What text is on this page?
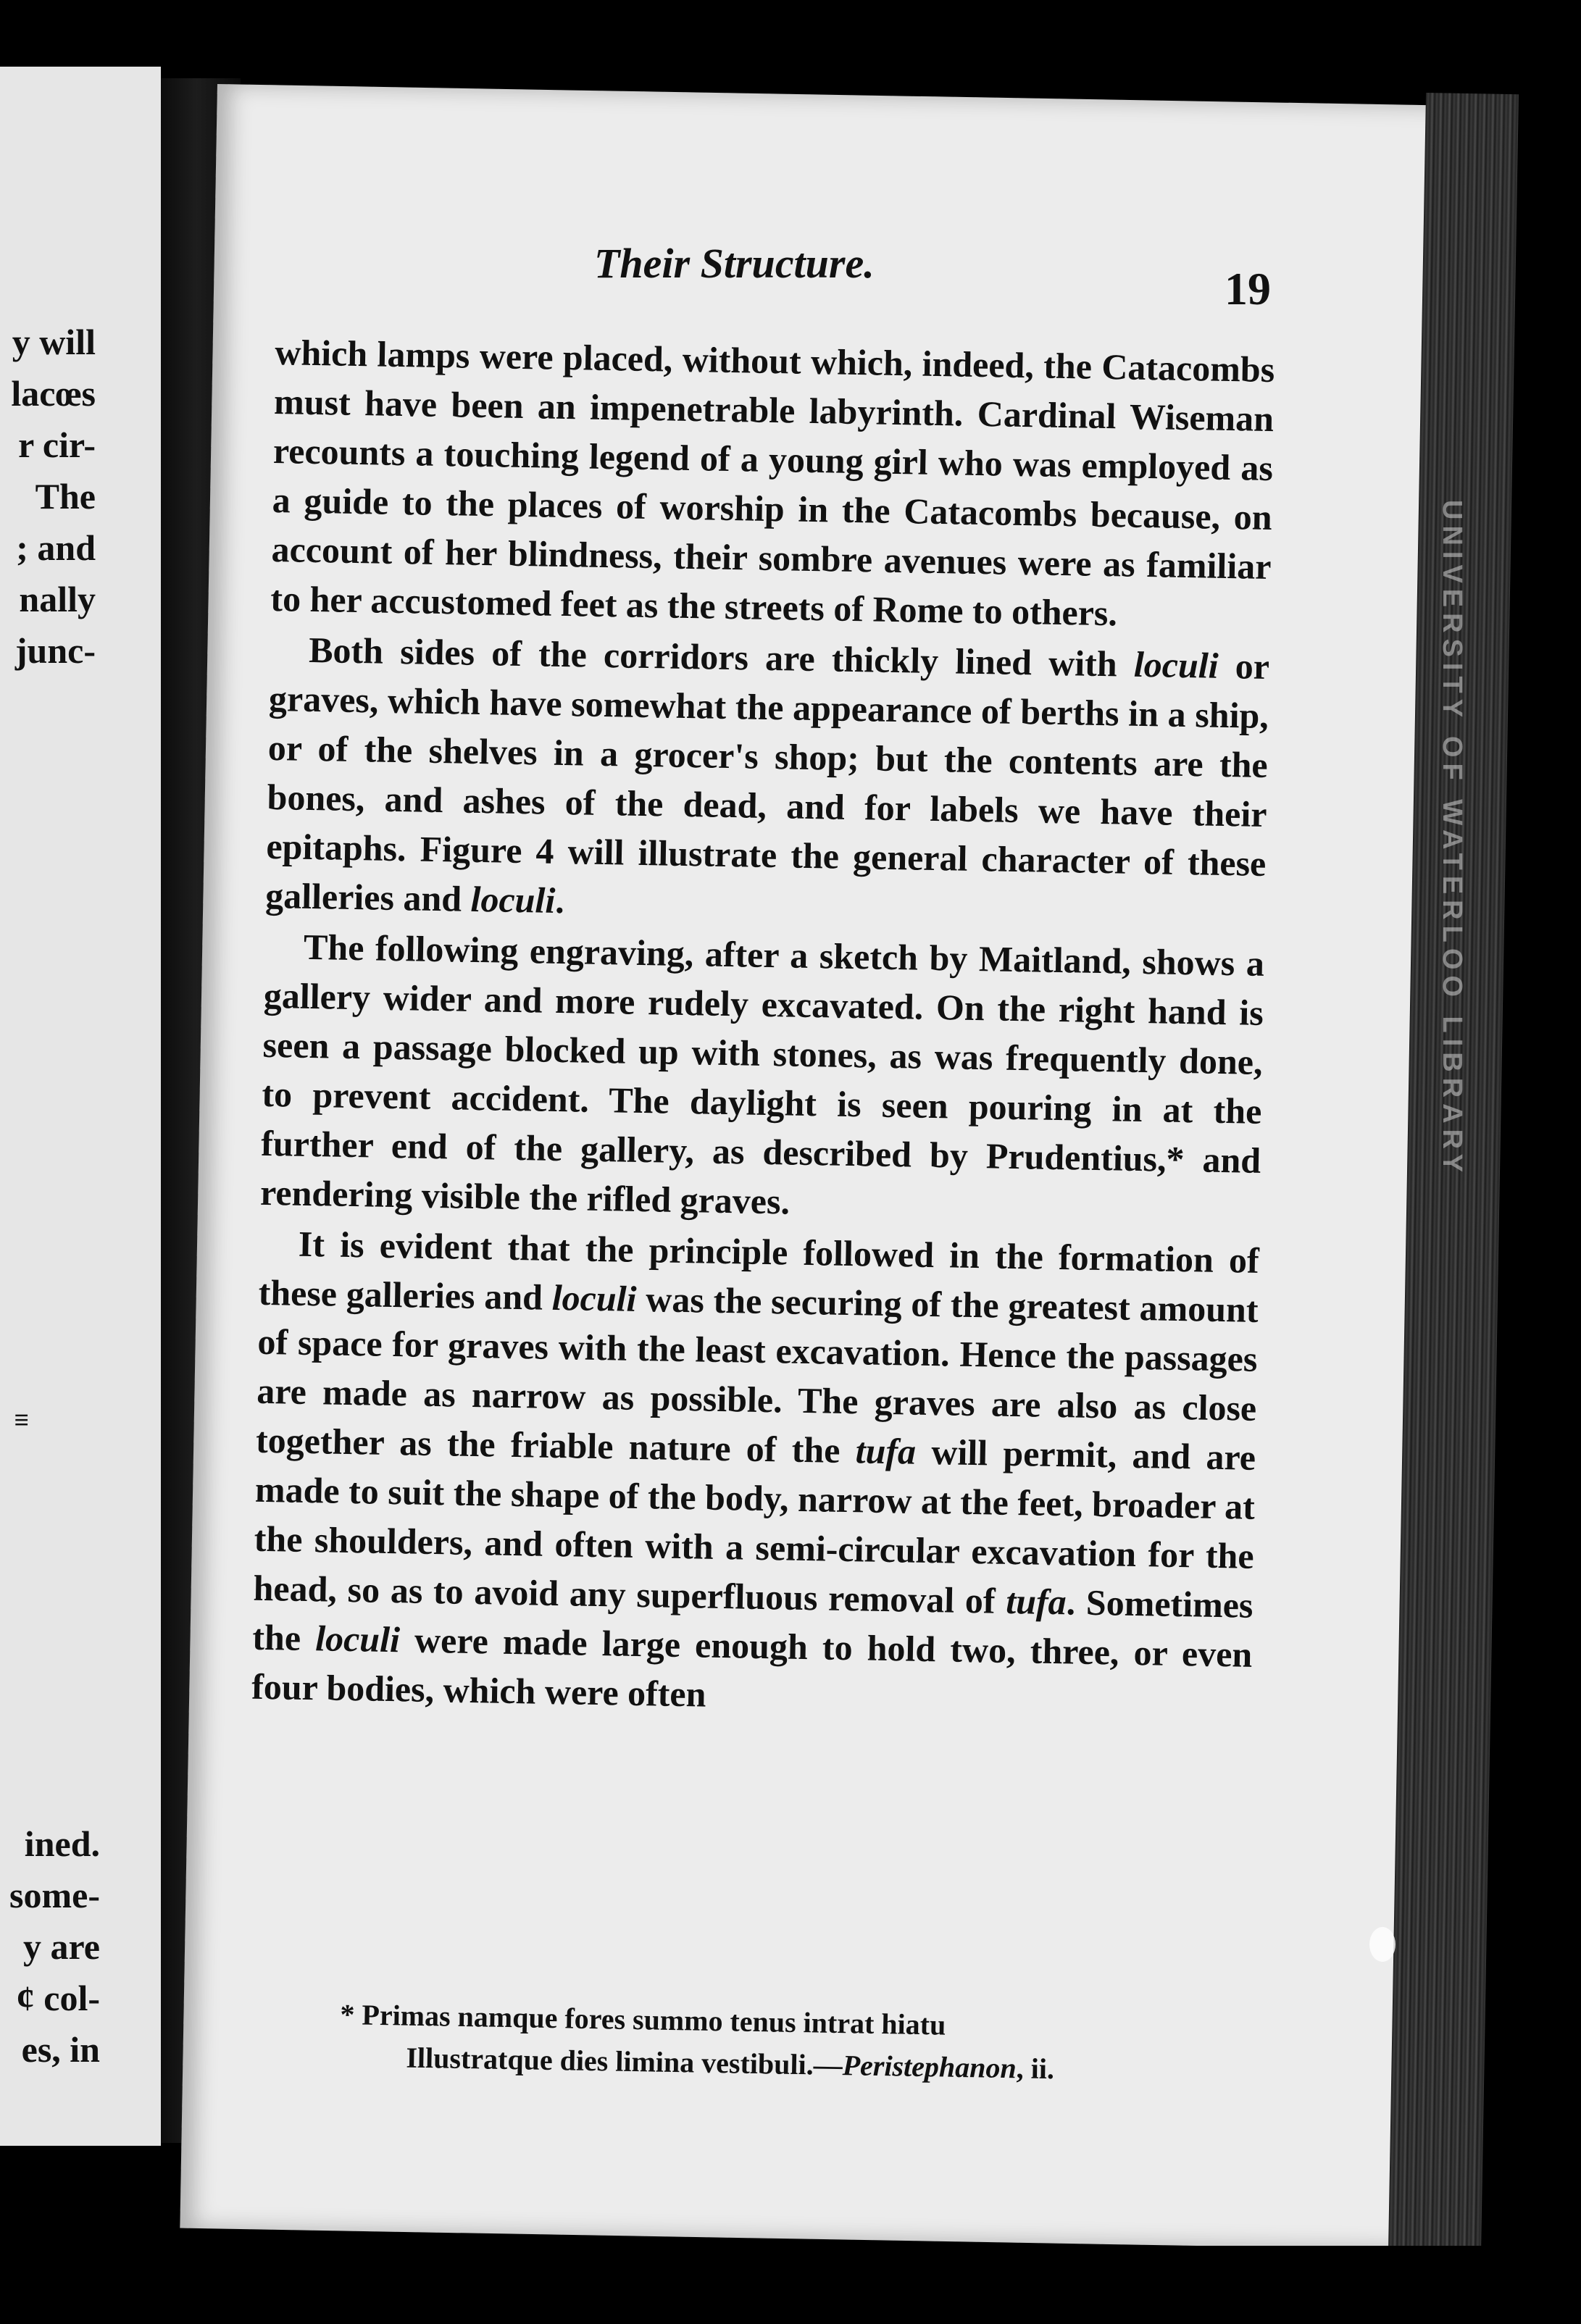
y will
lacœs
r cir-
The
; and
nally
junc-
≡
ined.
some-
y are
¢ col-
es, in
UNIVERSITY OF WATERLOO LIBRARY
Their Structure.	19

which lamps were placed, without which, indeed, the Catacombs must have been an impenetrable labyrinth. Cardinal Wiseman recounts a touching legend of a young girl who was employed as a guide to the places of worship in the Catacombs because, on account of her blindness, their sombre avenues were as familiar to her accustomed feet as the streets of Rome to others.

Both sides of the corridors are thickly lined with loculi or graves, which have somewhat the appearance of berths in a ship, or of the shelves in a grocer's shop; but the contents are the bones, and ashes of the dead, and for labels we have their epitaphs. Figure 4 will illustrate the general character of these galleries and loculi.

The following engraving, after a sketch by Maitland, shows a gallery wider and more rudely excavated. On the right hand is seen a passage blocked up with stones, as was frequently done, to prevent accident. The daylight is seen pouring in at the further end of the gallery, as described by Prudentius,* and rendering visible the rifled graves.

It is evident that the principle followed in the formation of these galleries and loculi was the securing of the greatest amount of space for graves with the least excavation. Hence the passages are made as narrow as possible. The graves are also as close together as the friable nature of the tufa will permit, and are made to suit the shape of the body, narrow at the feet, broader at the shoulders, and often with a semi-circular excavation for the head, so as to avoid any superfluous removal of tufa. Sometimes the loculi were made large enough to hold two, three, or even four bodies, which were often

* Primas namque fores summo tenus intrat hiatu
Illustratque dies limina vestibuli.—Peristephanon, ii.
